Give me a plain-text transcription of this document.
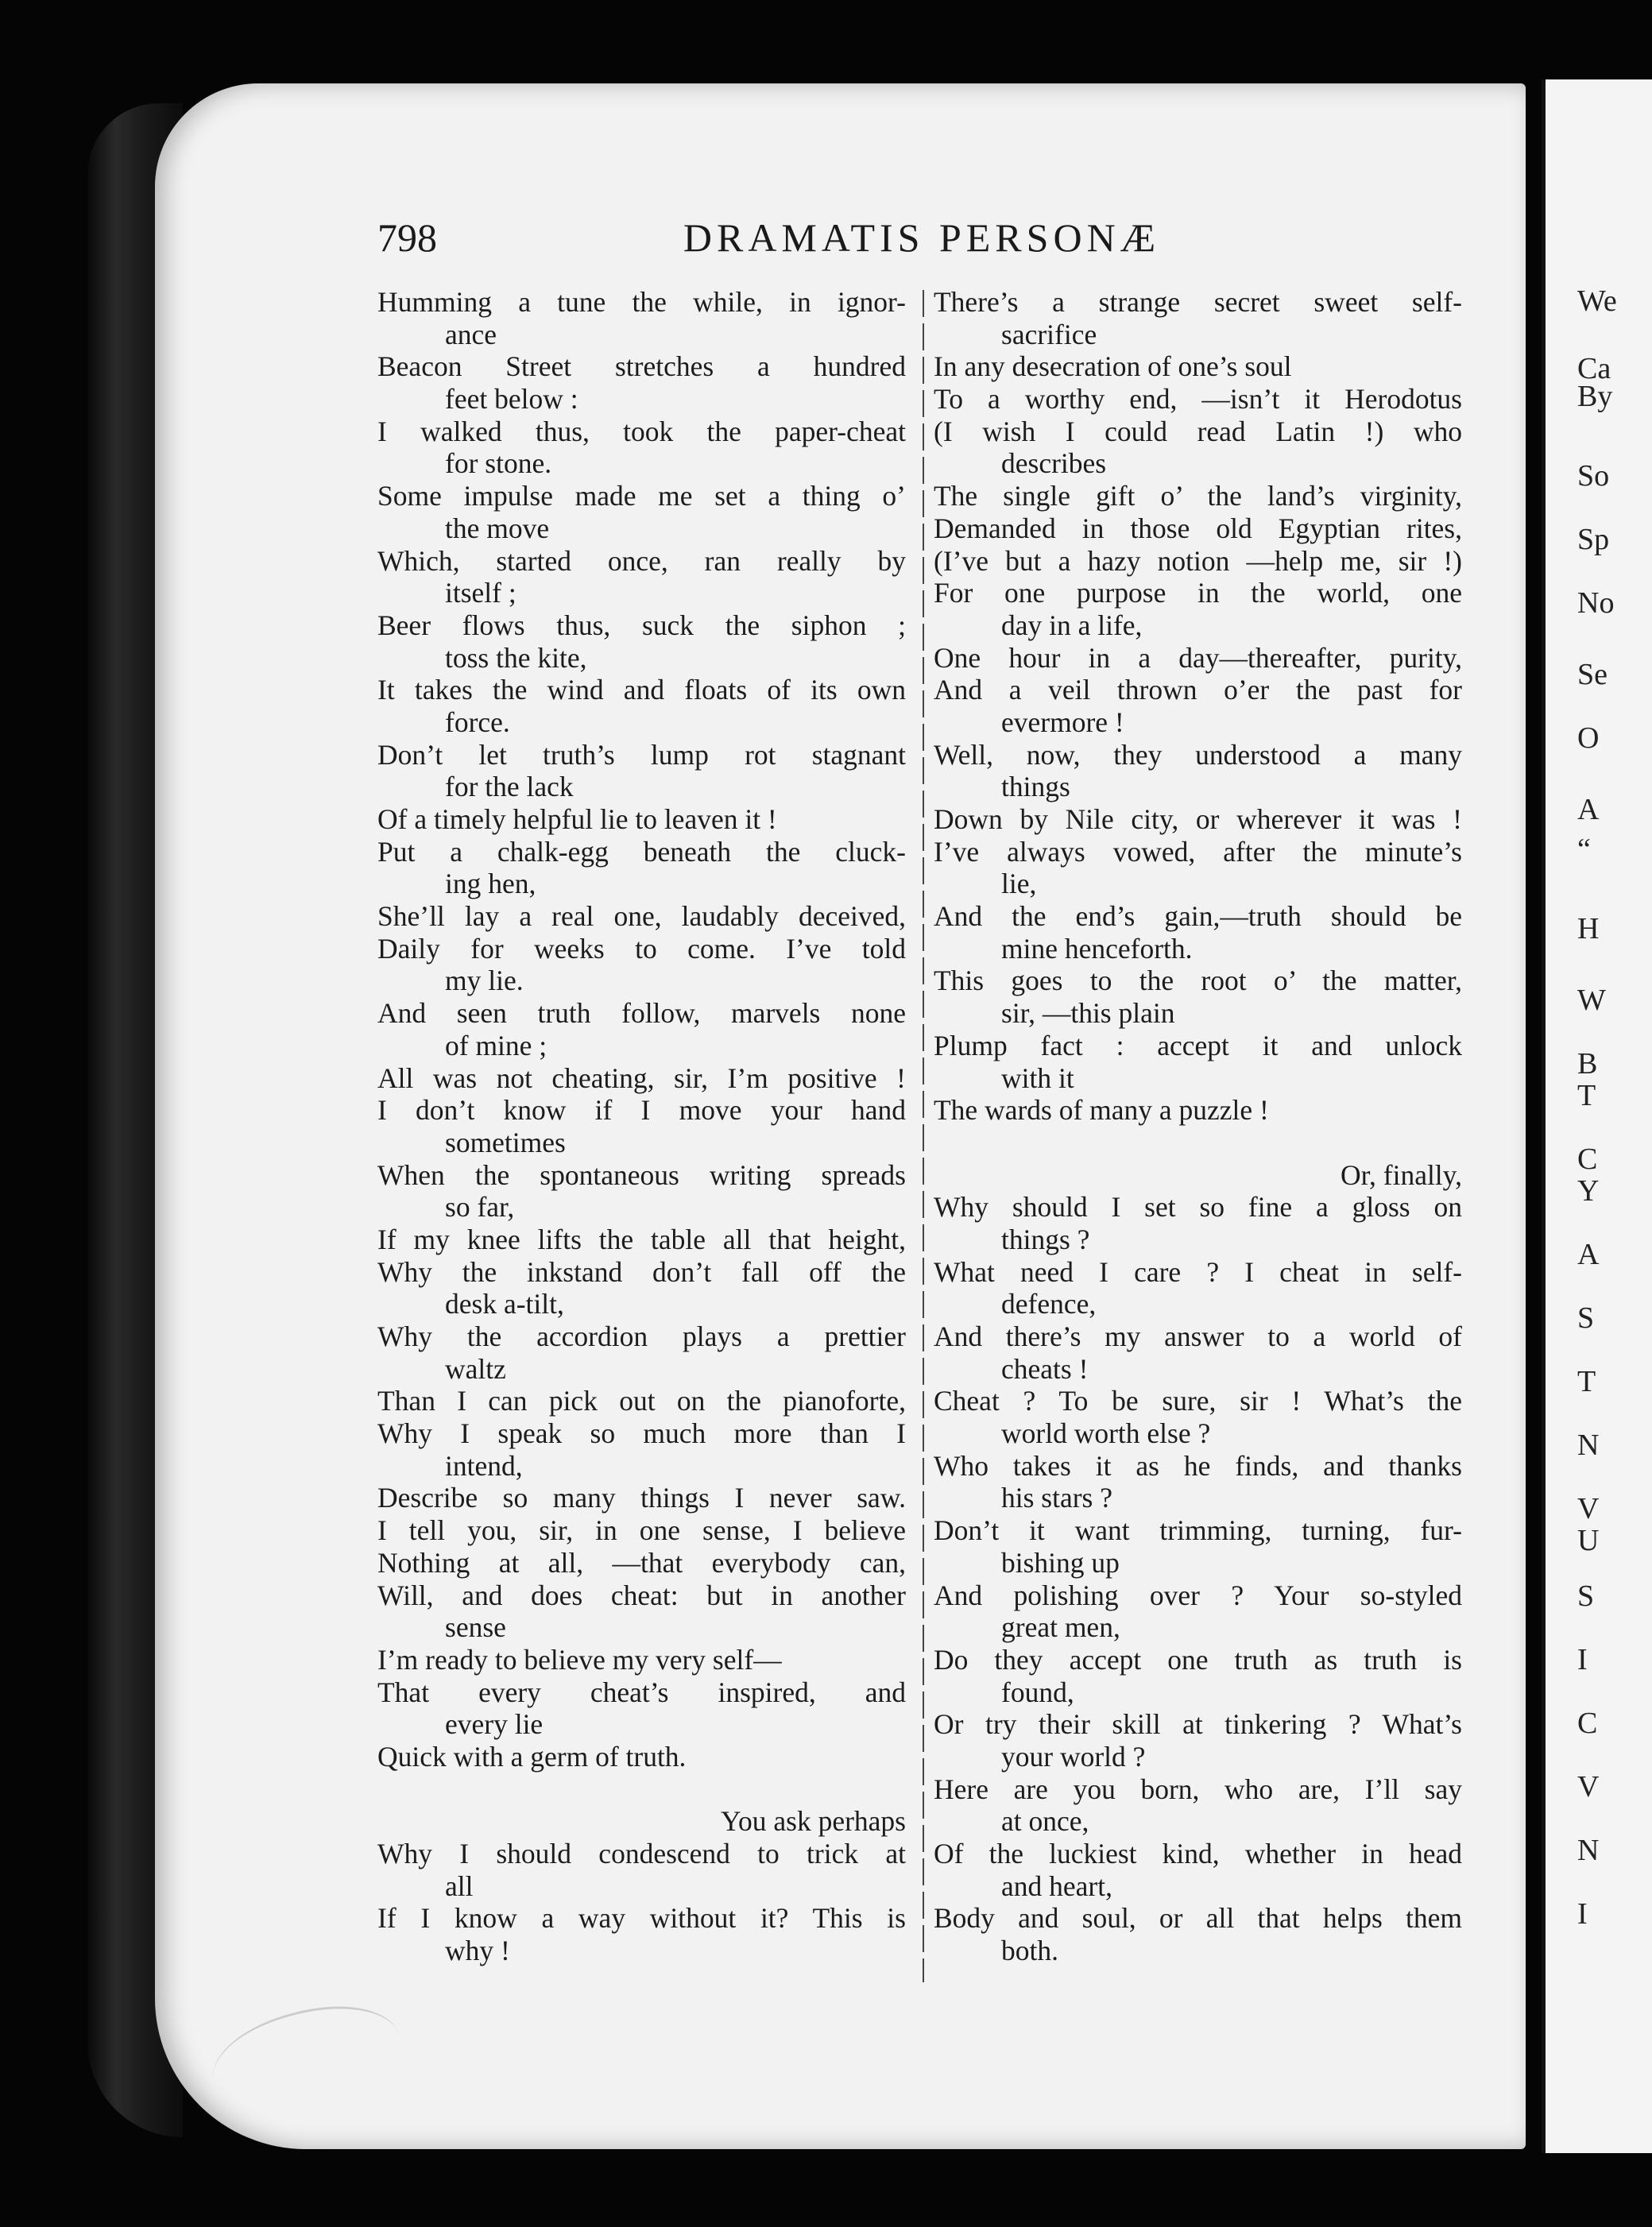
We
Ca
By
So
Sp
No
Se
O
A
“
H
W
B
T
C
Y
A
S
T
N
V
U
S
I
C
V
N
I
DRAMATIS PERSONÆ
798
Humming a tune the while, in ignor-
ance
Beacon Street stretches a hundred
feet below :
I walked thus, took the paper-cheat
for stone.
Some impulse made me set a thing o’
the move
Which, started once, ran really by
itself ;
Beer flows thus, suck the siphon ;
toss the kite,
It takes the wind and floats of its own
force.
Don’t let truth’s lump rot stagnant
for the lack
Of a timely helpful lie to leaven it !
Put a chalk-egg beneath the cluck-
ing hen,
She’ll lay a real one, laudably deceived,
Daily for weeks to come. I’ve told
my lie.
And seen truth follow, marvels none
of mine ;
All was not cheating, sir, I’m positive !
I don’t know if I move your hand
sometimes
When the spontaneous writing spreads
so far,
If my knee lifts the table all that height,
Why the inkstand don’t fall off the
desk a-tilt,
Why the accordion plays a prettier
waltz
Than I can pick out on the pianoforte,
Why I speak so much more than I
intend,
Describe so many things I never saw.
I tell you, sir, in one sense, I believe
Nothing at all, —that everybody can,
Will, and does cheat: but in another
sense
I’m ready to believe my very self—
That every cheat’s inspired, and
every lie
Quick with a germ of truth.
You ask perhaps
Why I should condescend to trick at
all
If I know a way without it? This is
why !
There’s a strange secret sweet self-
sacrifice
In any desecration of one’s soul
To a worthy end, —isn’t it Herodotus
(I wish I could read Latin !) who
describes
The single gift o’ the land’s virginity,
Demanded in those old Egyptian rites,
(I’ve but a hazy notion —help me, sir !)
For one purpose in the world, one
day in a life,
One hour in a day—thereafter, purity,
And a veil thrown o’er the past for
evermore !
Well, now, they understood a many
things
Down by Nile city, or wherever it was !
I’ve always vowed, after the minute’s
lie,
And the end’s gain,—truth should be
mine henceforth.
This goes to the root o’ the matter,
sir, —this plain
Plump fact : accept it and unlock
with it
The wards of many a puzzle !
Or, finally,
Why should I set so fine a gloss on
things ?
What need I care ? I cheat in self-
defence,
And there’s my answer to a world of
cheats !
Cheat ? To be sure, sir ! What’s the
world worth else ?
Who takes it as he finds, and thanks
his stars ?
Don’t it want trimming, turning, fur-
bishing up
And polishing over ? Your so-styled
great men,
Do they accept one truth as truth is
found,
Or try their skill at tinkering ? What’s
your world ?
Here are you born, who are, I’ll say
at once,
Of the luckiest kind, whether in head
and heart,
Body and soul, or all that helps them
both.
